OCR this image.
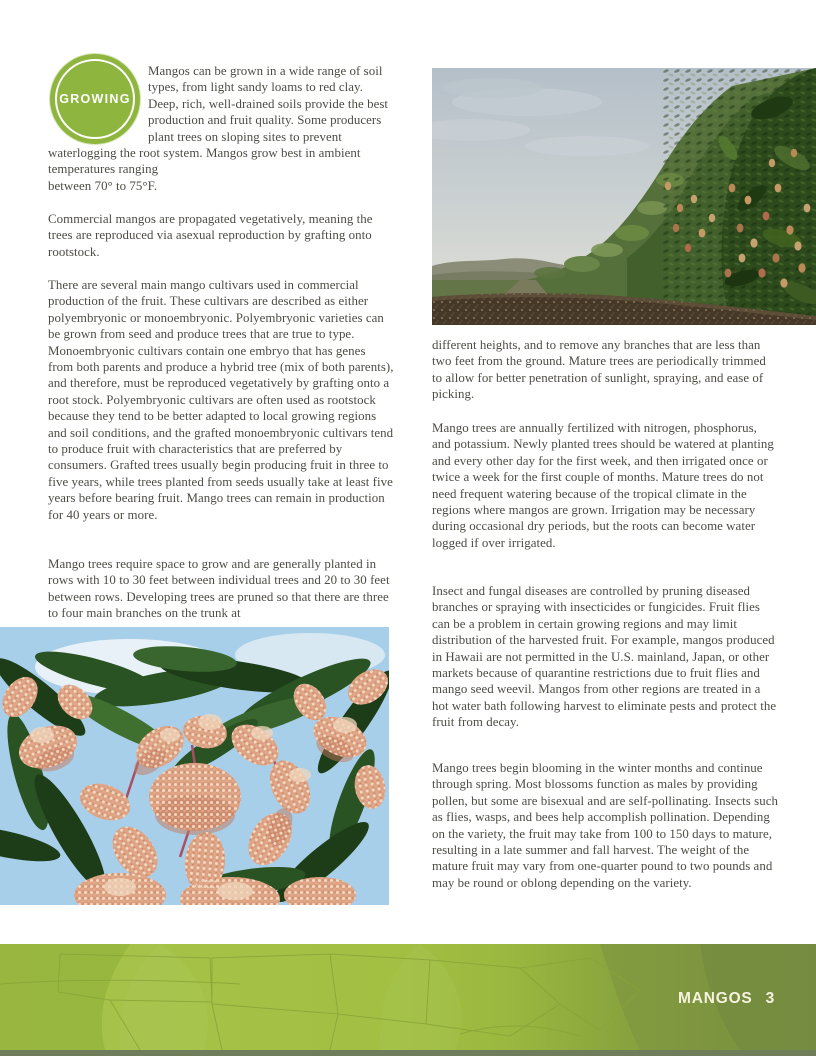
GROWING
Mangos can be grown in a wide range of soil types, from light sandy loams to red clay. Deep, rich, well-drained soils provide the best production and fruit quality. Some producers plant trees on sloping sites to prevent waterlogging the root system. Mangos grow best in ambient temperatures ranging
between 70° to 75°F.
Commercial mangos are propagated vegetatively, meaning the trees are reproduced via asexual reproduction by grafting onto rootstock.
There are several main mango cultivars used in commercial production of the fruit. These cultivars are described as either polyembryonic or monoembryonic. Polyembryonic varieties can be grown from seed and produce trees that are true to type. Monoembryonic cultivars contain one embryo that has genes from both parents and produce a hybrid tree (mix of both parents), and therefore, must be reproduced vegetatively by grafting onto a root stock. Polyembryonic cultivars are often used as rootstock because they tend to be better adapted to local growing regions and soil conditions, and the grafted monoembryonic cultivars tend to produce fruit with characteristics that are preferred by consumers. Grafted trees usually begin producing fruit in three to five years, while trees planted from seeds usually take at least five years before bearing fruit. Mango trees can remain in production for 40 years or more.
Mango trees require space to grow and are generally planted in rows with 10 to 30 feet between individual trees and 20 to 30 feet between rows. Developing trees are pruned so that there are three to four main branches on the trunk at
different heights, and to remove any branches that are less than two feet from the ground. Mature trees are periodically trimmed to allow for better penetration of sunlight, spraying, and ease of picking.
Mango trees are annually fertilized with nitrogen, phosphorus, and potassium. Newly planted trees should be watered at planting and every other day for the first week, and then irrigated once or twice a week for the first couple of months. Mature trees do not need frequent watering because of the tropical climate in the regions where mangos are grown. Irrigation may be necessary during occasional dry periods, but the roots can become water logged if over irrigated.
Insect and fungal diseases are controlled by pruning diseased branches or spraying with insecticides or fungicides. Fruit flies can be a problem in certain growing regions and may limit distribution of the harvested fruit. For example, mangos produced in Hawaii are not permitted in the U.S. mainland, Japan, or other markets because of quarantine restrictions due to fruit flies and mango seed weevil. Mangos from other regions are treated in a hot water bath following harvest to eliminate pests and protect the fruit from decay.
Mango trees begin blooming in the winter months and continue through spring. Most blossoms function as males by providing pollen, but some are bisexual and are self-pollinating. Insects such as flies, wasps, and bees help accomplish pollination. Depending on the variety, the fruit may take from 100 to 150 days to mature, resulting in a late summer and fall harvest. The weight of the mature fruit may vary from one-quarter pound to two pounds and may be round or oblong depending on the variety.
MANGOS 3
